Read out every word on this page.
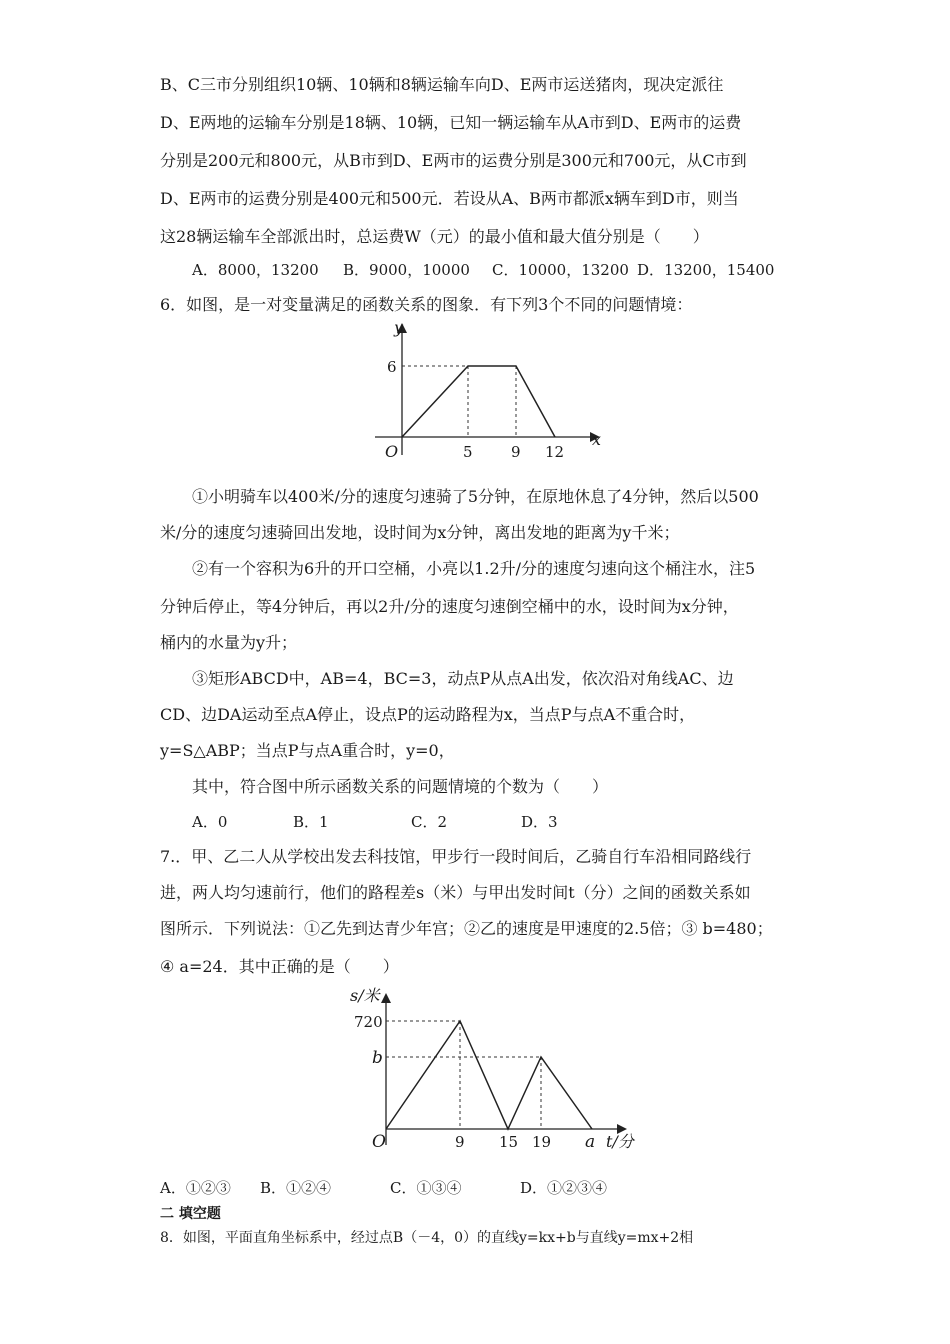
B、C三市分别组织10辆、10辆和8辆运输车向D、E两市运送猪肉，现决定派往
D、E两地的运输车分别是18辆、10辆，已知一辆运输车从A市到D、E两市的运费
分别是200元和800元，从B市到D、E两市的运费分别是300元和700元，从C市到
D、E两市的运费分别是400元和500元．若设从A、B两市都派x辆车到D市，则当
这28辆运输车全部派出时，总运费W（元）的最小值和最大值分别是（　　）
A．8000，13200 B．9000，10000 C．10000，13200 D．13200，15400
6．如图，是一对变量满足的函数关系的图象．有下列3个不同的问题情境：
y
x
O
6
5	9 12
①小明骑车以400米/分的速度匀速骑了5分钟，在原地休息了4分钟，然后以500
米/分的速度匀速骑回出发地，设时间为x分钟，离出发地的距离为y千米；
②有一个容积为6升的开口空桶，小亮以1.2升/分的速度匀速向这个桶注水，注5
分钟后停止，等4分钟后，再以2升/分的速度匀速倒空桶中的水，设时间为x分钟，
桶内的水量为y升；
③矩形ABCD中，AB=4，BC=3，动点P从点A出发，依次沿对角线AC、边
CD、边DA运动至点A停止，设点P的运动路程为x，当点P与点A不重合时，
y=S△ABP；当点P与点A重合时，y=0，
其中，符合图中所示函数关系的问题情境的个数为（　　）
A．0	B．1	C．2	D．3
7.．甲、乙二人从学校出发去科技馆，甲步行一段时间后，乙骑自行车沿相同路线行
进，两人均匀速前行，他们的路程差s（米）与甲出发时间t（分）之间的函数关系如
图所示．下列说法：①乙先到达青少年宫；②乙的速度是甲速度的2.5倍；③ b=480；
④ a=24．其中正确的是（　　）
s/米
t/分
O
720
b
9 15 19 a
A．①②③ B．①②④	C．①③④	D．①②③④
二 填空题
8．如图，平面直角坐标系中，经过点B（－4，0）的直线y=kx+b与直线y=mx+2相
